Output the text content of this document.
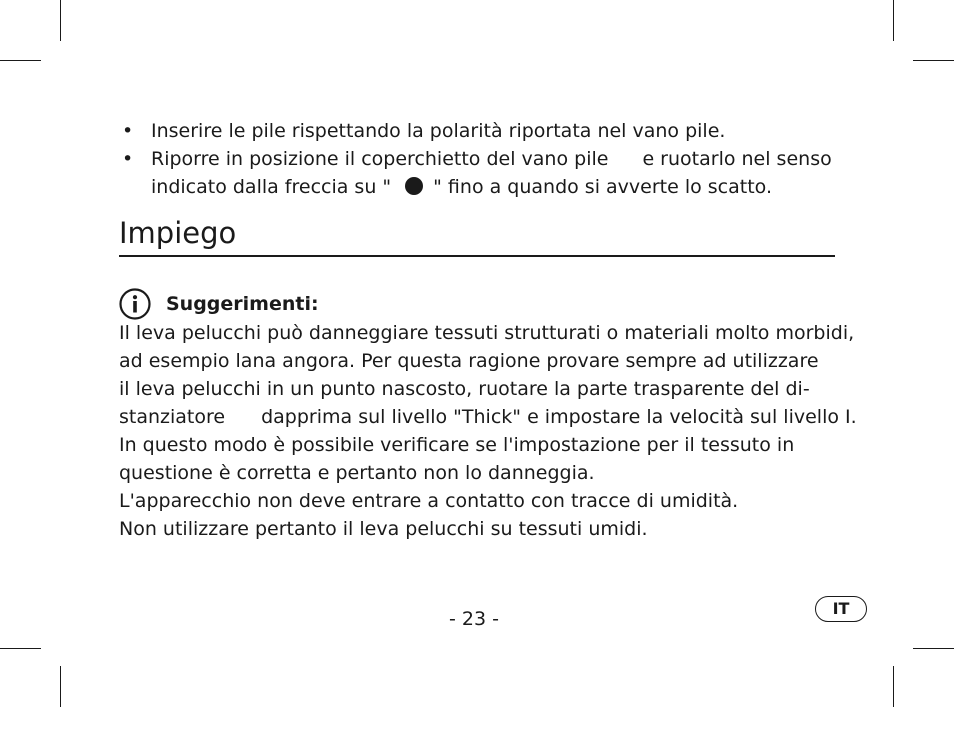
• Inserire le pile rispettando la polarità riportata nel vano pile.
• Riporre in posizione il coperchietto del vano pile e ruotarlo nel senso
indicato dalla freccia su " " fino a quando si avverte lo scatto.
Impiego
Suggerimenti:

Il leva pelucchi può danneggiare tessuti strutturati o materiali molto morbidi,

ad esempio lana angora. Per questa ragione provare sempre ad utilizzare

il leva pelucchi in un punto nascosto, ruotare la parte trasparente del di-

stanziatore dapprima sul livello "Thick" e impostare la velocità sul livello I.

In questo modo è possibile verificare se l'impostazione per il tessuto in

questione è corretta e pertanto non lo danneggia.

L'apparecchio non deve entrare a contatto con tracce di umidità.

Non utilizzare pertanto il leva pelucchi su tessuti umidi.

- 23 -	IT
